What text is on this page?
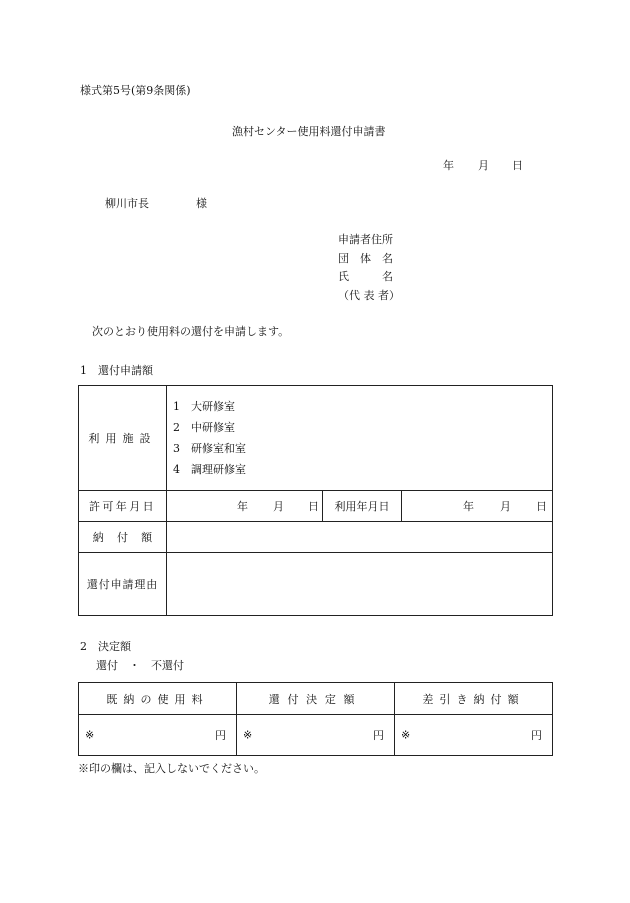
様式第5号(第9条関係)
漁村センター使用料還付申請書
年 月 日
柳川市長	様
申請者住所
団　体　名
氏　　　名
（代 表 者）
次のとおり使用料の還付を申請します。
1　還付申請額
利用施設	1　大研修室
2　中研修室
3　研修室和室
4　調理研修室		

許可年月日	年 月 日	利用年月日	年 月 日

納付額			
還付申請理由			
2　決定額
還付　・　不還付
既納の使用料	還付決定額	差引き納付額

※ 円	※ 円	※ 円
※印の欄は、記入しないでください。
